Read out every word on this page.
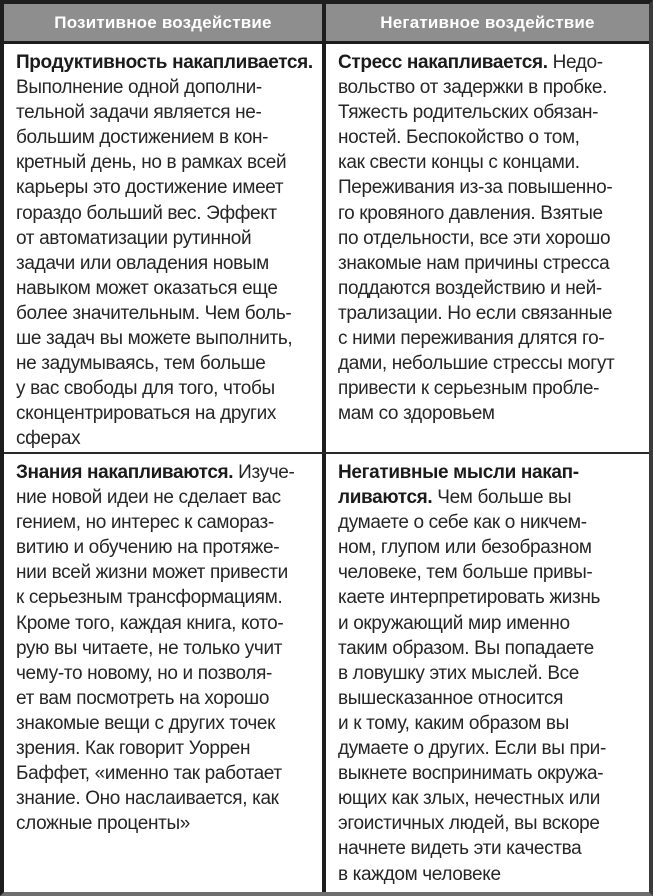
Позитивное воздействие	Негативное воздействие
Продуктивность накапливается.
Выполнение одной дополни-
тельной задачи является не-
большим достижением в кон-
кретный день, но в рамках всей
карьеры это достижение имеет
гораздо больший вес. Эффект
от автоматизации рутинной
задачи или овладения новым
навыком может оказаться еще
более значительным. Чем боль-
ше задач вы можете выполнить,
не задумываясь, тем больше
у вас свободы для того, чтобы
сконцентрироваться на других
сферах
Стресс накапливается. Недо-
вольство от задержки в пробке.
Тяжесть родительских обязан-
ностей. Беспокойство о том,
как свести концы с концами.
Переживания из-за повышенно-
го кровяного давления. Взятые
по отдельности, все эти хорошо
знакомые нам причины стресса
поддаются воздействию и ней-
трализации. Но если связанные
с ними переживания длятся го-
дами, небольшие стрессы могут
привести к серьезным пробле-
мам со здоровьем
Знания накапливаются. Изуче-
ние новой идеи не сделает вас
гением, но интерес к самораз-
витию и обучению на протяже-
нии всей жизни может привести
к серьезным трансформациям.
Кроме того, каждая книга, кото-
рую вы читаете, не только учит
чему-то новому, но и позволя-
ет вам посмотреть на хорошо
знакомые вещи с других точек
зрения. Как говорит Уоррен
Баффет, «именно так работает
знание. Оно наслаивается, как
сложные проценты»
Негативные мысли накап-
ливаются. Чем больше вы
думаете о себе как о никчем-
ном, глупом или безобразном
человеке, тем больше привы-
каете интерпретировать жизнь
и окружающий мир именно
таким образом. Вы попадаете
в ловушку этих мыслей. Все
вышесказанное относится
и к тому, каким образом вы
думаете о других. Если вы при-
выкнете воспринимать окружа-
ющих как злых, нечестных или
эгоистичных людей, вы вскоре
начнете видеть эти качества
в каждом человеке
